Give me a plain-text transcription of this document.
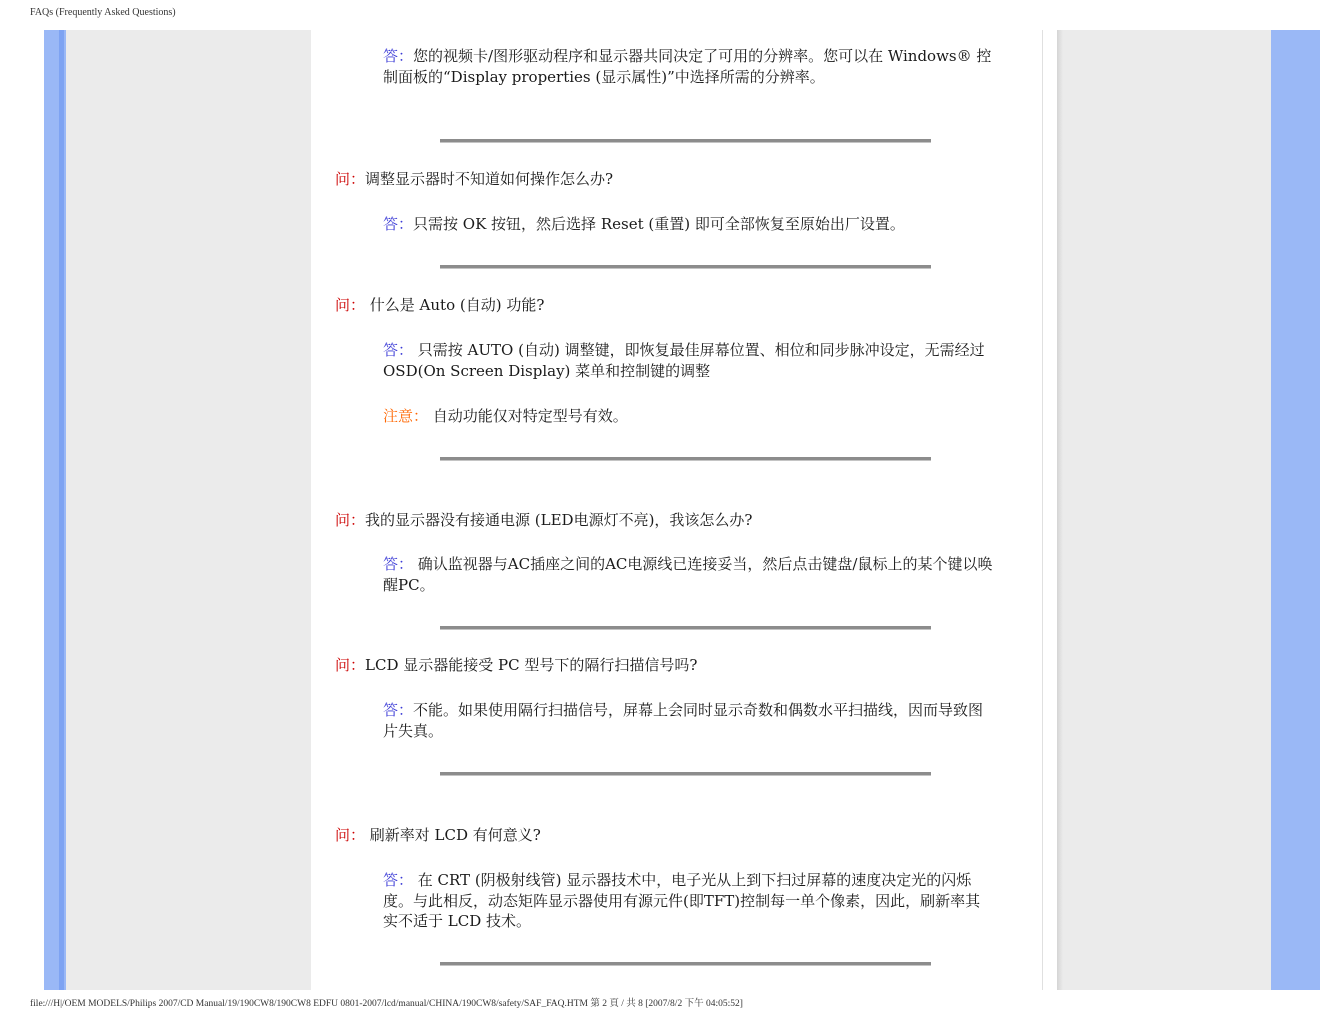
FAQs (Frequently Asked Questions)
答：您的视频卡/图形驱动程序和显示器共同决定了可用的分辨率。您可以在 Windows® 控制面板的“Display properties (显示属性)”中选择所需的分辨率。
问：调整显示器时不知道如何操作怎么办?
答：只需按 OK 按钮，然后选择 Reset (重置) 即可全部恢复至原始出厂设置。
问： 什么是 Auto (自动) 功能?
答： 只需按 AUTO (自动) 调整键，即恢复最佳屏幕位置、相位和同步脉冲设定，无需经过OSD(On Screen Display) 菜单和控制键的调整
注意： 自动功能仅对特定型号有效。
问：我的显示器没有接通电源 (LED电源灯不亮)，我该怎么办?
答： 确认监视器与AC插座之间的AC电源线已连接妥当，然后点击键盘/鼠标上的某个键以唤醒PC。
问：LCD 显示器能接受 PC 型号下的隔行扫描信号吗?
答：不能。如果使用隔行扫描信号，屏幕上会同时显示奇数和偶数水平扫描线，因而导致图片失真。
问： 刷新率对 LCD 有何意义?
答： 在 CRT (阴极射线管) 显示器技术中，电子光从上到下扫过屏幕的速度决定光的闪烁度。与此相反，动态矩阵显示器使用有源元件(即TFT)控制每一单个像素，因此，刷新率其实不适于 LCD 技术。
file:///H|/OEM MODELS/Philips 2007/CD Manual/19/190CW8/190CW8 EDFU 0801-2007/lcd/manual/CHINA/190CW8/safety/SAF_FAQ.HTM 第 2 頁 / 共 8 [2007/8/2 下午 04:05:52]
